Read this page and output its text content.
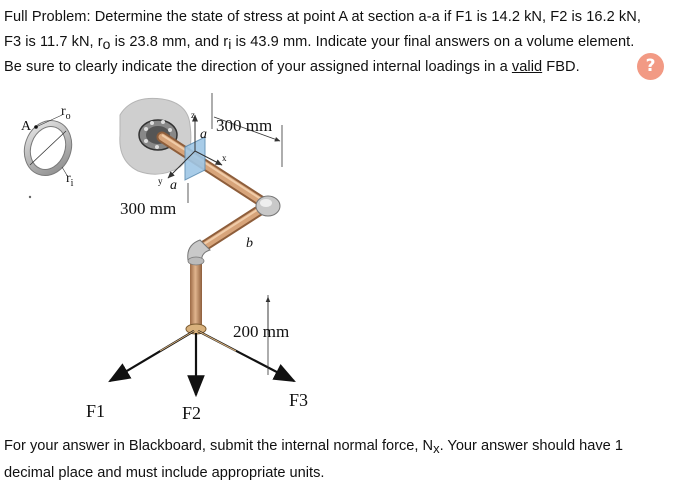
Full Problem: Determine the state of stress at point A at section a-a if F1 is 14.2 kN, F2 is 16.2 kN,
F3 is 11.7 kN, $r_o$ is 23.8 mm, and $r_i$ is 43.9 mm. Indicate your final answers on a volume element.
Be sure to clearly indicate the direction of your assigned internal loadings in a valid FBD.	?
A
$r_o$
$r_i$
z
x
y
300 mm
a
a
300 mm
b
200 mm
F1	F2
F3
For your answer in Blackboard, submit the internal normal force, $N_x$. Your answer should have 1
decimal place and must include appropriate units.
